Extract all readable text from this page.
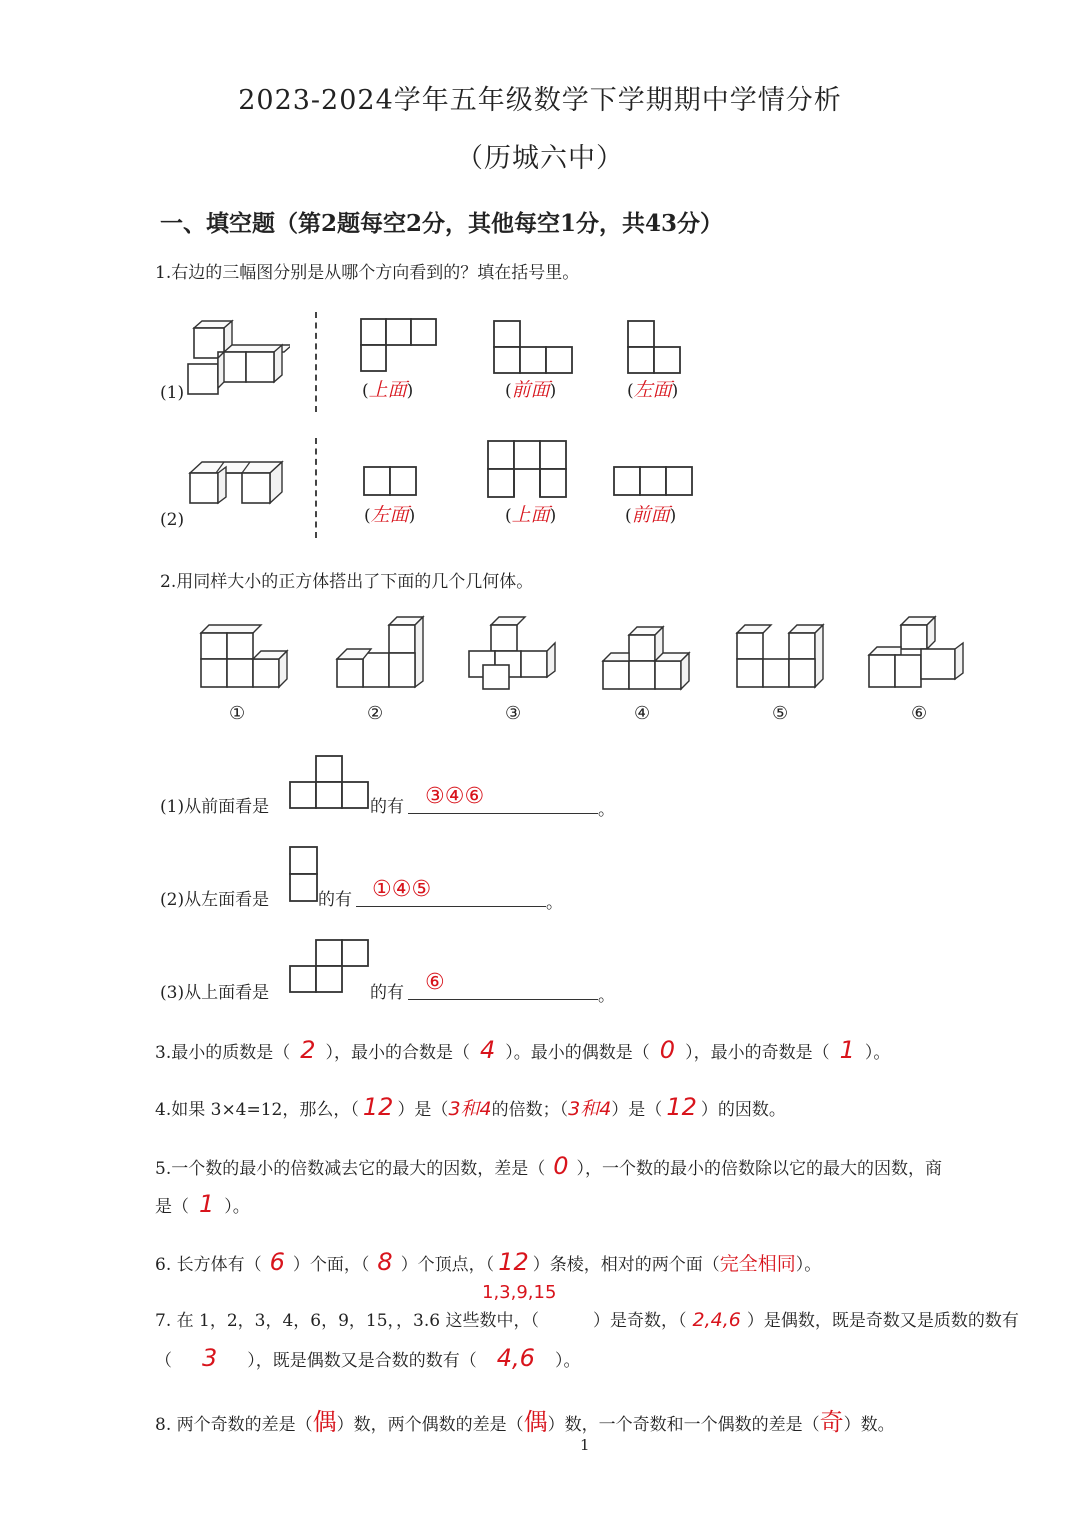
2023-2024学年五年级数学下学期期中学情分析
（历城六中）
一、填空题（第2题每空2分，其他每空1分，共43分）
1.右边的三幅图分别是从哪个方向看到的？填在括号里。
(1)	(上面)	(前面)	(左面)
(2)	(左面)	(上面)	(前面)
2.用同样大小的正方体搭出了下面的几个几何体。
①	②	③	④	⑤	⑥
(1)从前面看是	的有 ③④⑥
。
(2)从左面看是	的有 ①④⑤
。
(3)从上面看是	的有 ⑥
。
3.最小的质数是（ 2 ），最小的合数是（ 4 ）。最小的偶数是（ 0 ），最小的奇数是（ 1 ）。
4.如果 3×4=12，那么，（ 12 ）是（3和4的倍数；（3和4）是（ 12 ）的因数。
5.一个数的最小的倍数减去它的最大的因数，差是（ 0 ），一个数的最小的倍数除以它的最大的因数，商
是（ 1 ）。
6. 长方体有（ 6 ）个面，（ 8 ）个顶点，（ 12 ）条棱，相对的两个面（完全相同）。
1,3,9,15
7. 在 1，2，3，4，6，9，15，，3.6 这些数中，（	）是奇数，（ 2,4,6 ）是偶数，既是奇数又是质数的数有
（ 3 ），既是偶数又是合数的数有（ 4,6 ）。
8. 两个奇数的差是（偶）数，两个偶数的差是（偶）数，一个奇数和一个偶数的差是（奇）数。
1
